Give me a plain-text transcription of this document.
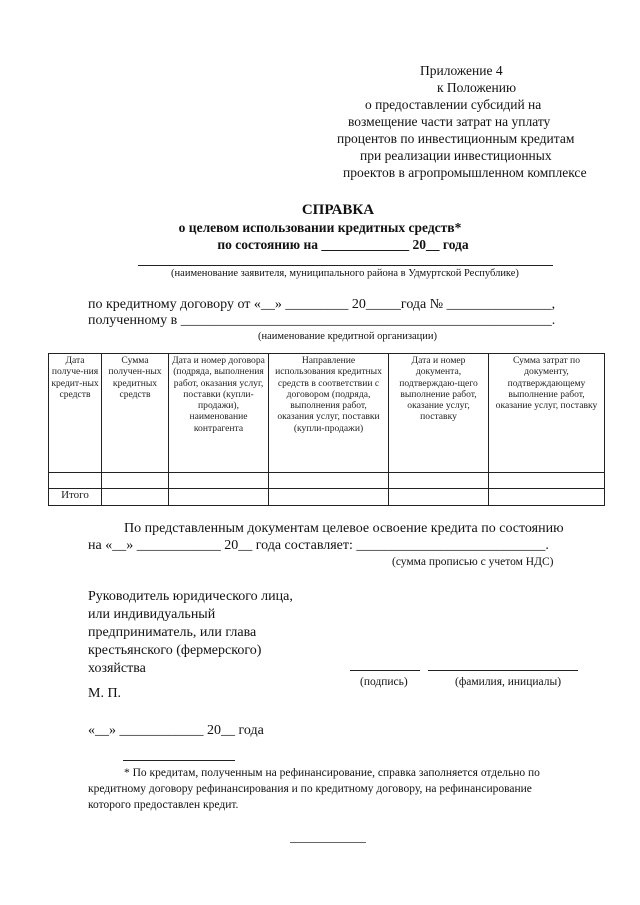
Приложение 4
к Положению
о предоставлении субсидий на
возмещение части затрат на уплату
процентов по инвестиционным кредитам
при реализации инвестиционных
проектов в агропромышленном комплексе
СПРАВКА
о целевом использовании кредитных средств*
по состоянию на _____________ 20__ года
(наименование заявителя, муниципального района в Удмуртской Республике)
по кредитному договору от «__» _________ 20_____года № _______________,
полученному в _____________________________________________________.
(наименование кредитной организации)
Дата получе-ния кредит-ных средств	Сумма получен-ных кредитных средств	Дата и номер договора (подряда, выполнения работ, оказания услуг, поставки (купли-продажи), наименование контрагента	Направление использования кредитных средств в соответствии с договором (подряда, выполнения работ, оказания услуг, поставки (купли-продажи)	Дата и номер документа, подтверждаю-щего выполнение работ, оказание услуг, поставку	Сумма затрат по документу, подтверждающему выполнение работ, оказание услуг, поставку

Итого					
По представленным документам целевое освоение кредита по состоянию
на «__» ____________ 20__ года составляет: ___________________________.
(сумма прописью с учетом НДС)
Руководитель юридического лица,
или индивидуальный
предприниматель, или глава
крестьянского (фермерского)
хозяйства
(подпись)	(фамилия, инициалы)
М. П.
«__» ____________ 20__ года
* По кредитам, полученным на рефинансирование, справка заполняется отдельно по
кредитному договору рефинансирования и по кредитному договору, на рефинансирование
которого предоставлен кредит.
